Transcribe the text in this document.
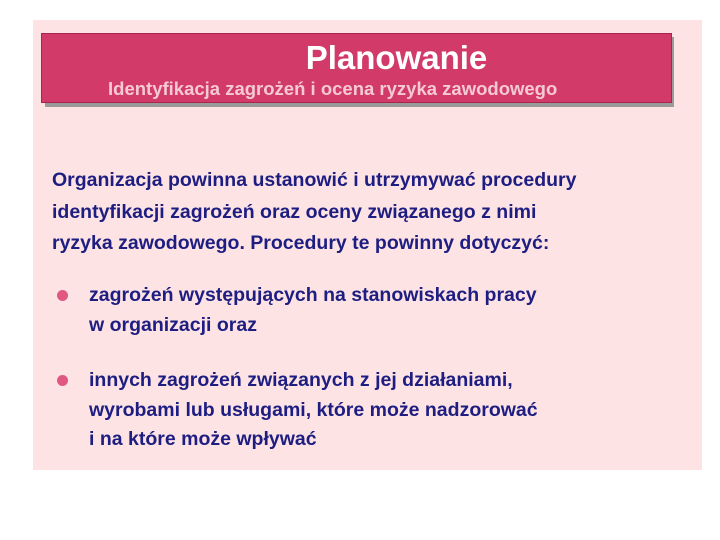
Planowanie

Identyfikacja zagrożeń i ocena ryzyka zawodowego

Organizacja powinna ustanowić i utrzymywać procedury
identyfikacji zagrożeń oraz oceny związanego z nimi
ryzyka zawodowego. Procedury te powinny dotyczyć:
zagrożeń występujących na stanowiskach pracy
w organizacji oraz
innych zagrożeń związanych z jej działaniami,
wyrobami lub usługami, które może nadzorować
i na które może wpływać
